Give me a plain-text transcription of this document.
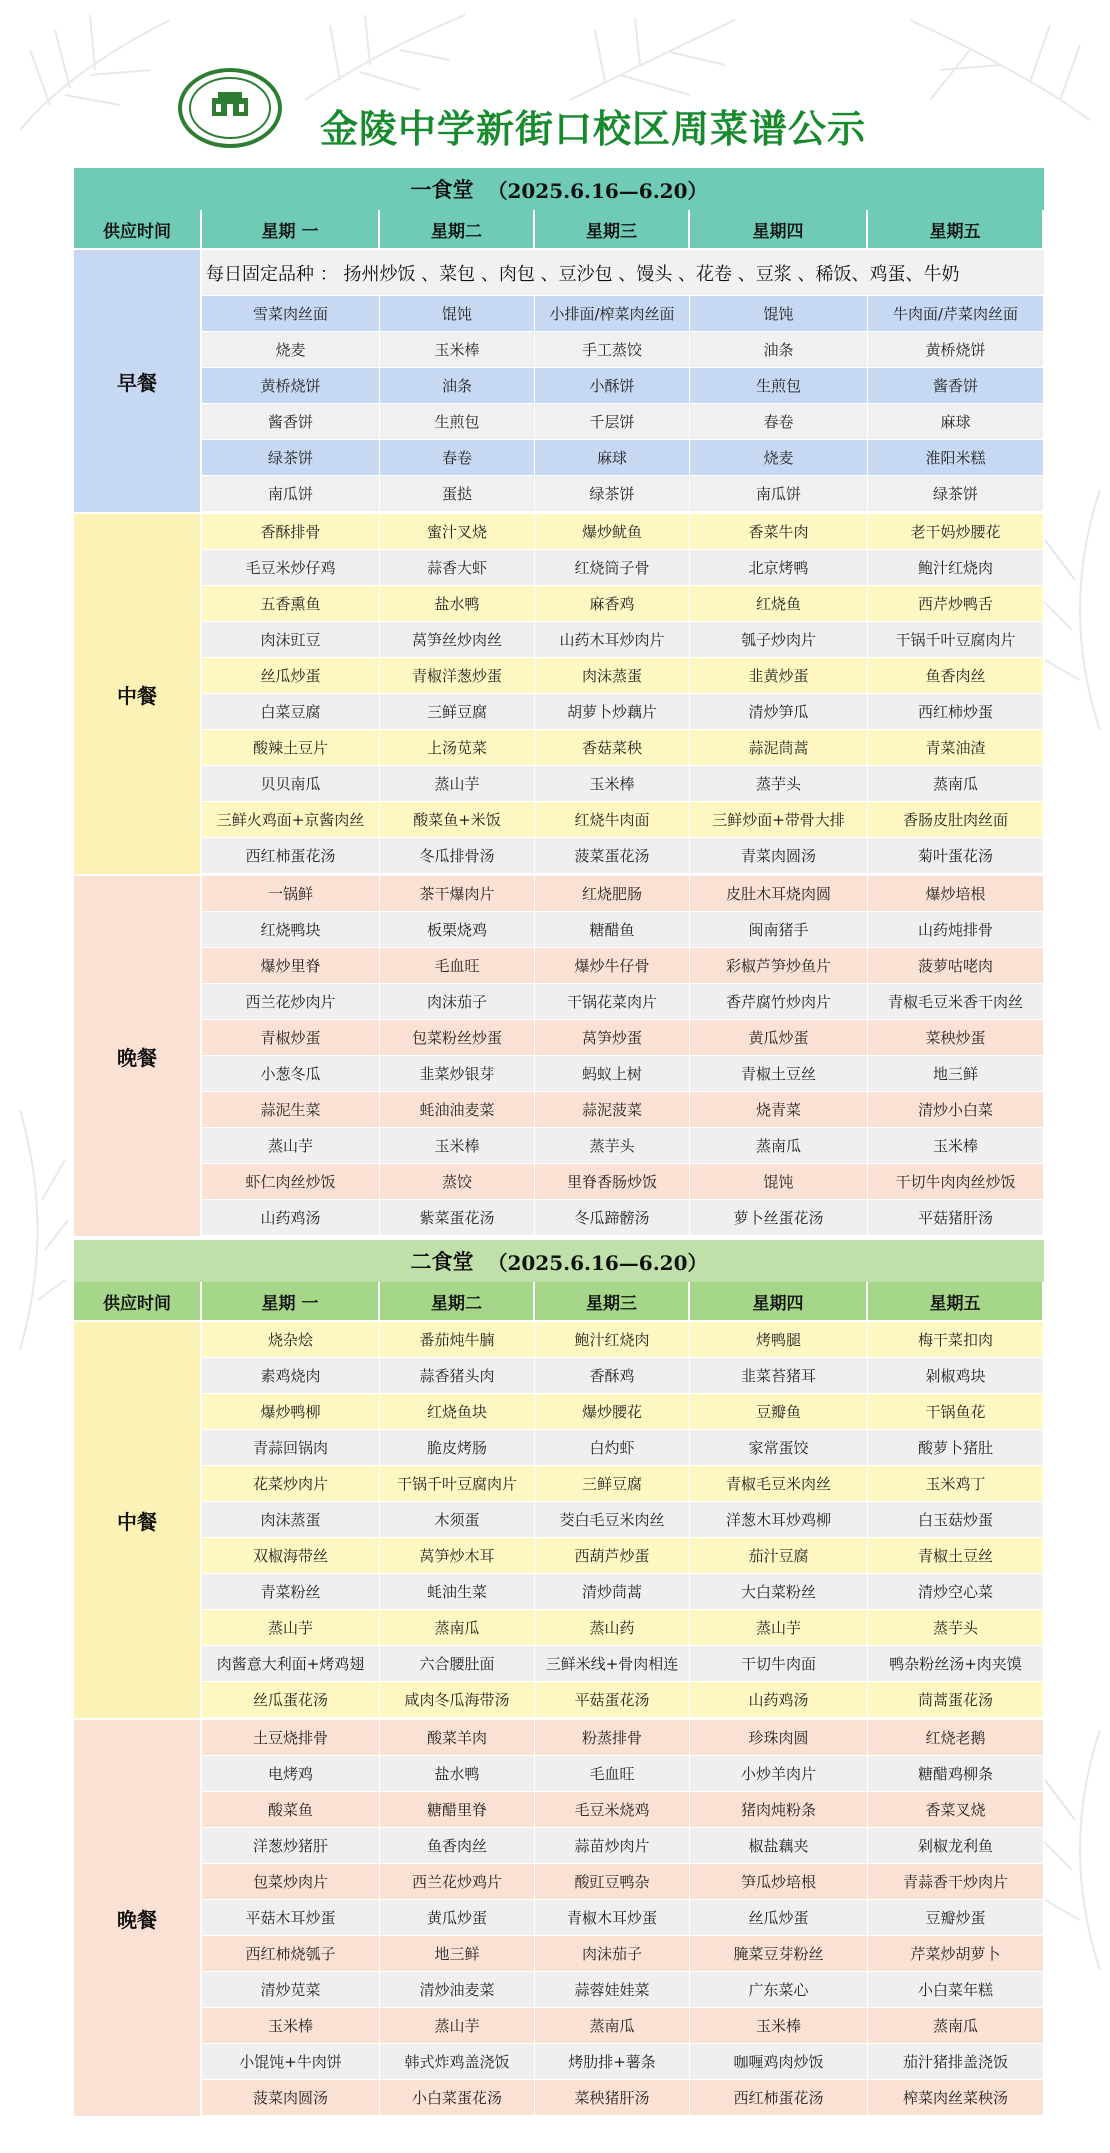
金陵中学新街口校区周菜谱公示
一食堂 （2025.6.16—6.20）
供应时间	星期 一	星期二	星期三	星期四	星期五
早餐
每日固定品种 ： 扬州炒饭 、菜包 、肉包 、豆沙包 、馒头 、花卷 、豆浆 、稀饭、鸡蛋、牛奶
雪菜肉丝面	馄饨	小排面/榨菜肉丝面	馄饨	牛肉面/芹菜肉丝面
烧麦	玉米棒	手工蒸饺	油条	黄桥烧饼
黄桥烧饼	油条	小酥饼	生煎包	酱香饼
酱香饼	生煎包	千层饼	春卷	麻球
绿茶饼	春卷	麻球	烧麦	淮阳米糕
南瓜饼	蛋挞	绿茶饼	南瓜饼	绿茶饼
中餐
香酥排骨	蜜汁叉烧	爆炒鱿鱼	香菜牛肉	老干妈炒腰花
毛豆米炒仔鸡	蒜香大虾	红烧筒子骨	北京烤鸭	鲍汁红烧肉
五香熏鱼	盐水鸭	麻香鸡	红烧鱼	西芹炒鸭舌
肉沫豇豆	莴笋丝炒肉丝	山药木耳炒肉片	瓠子炒肉片	干锅千叶豆腐肉片
丝瓜炒蛋	青椒洋葱炒蛋	肉沫蒸蛋	韭黄炒蛋	鱼香肉丝
白菜豆腐	三鲜豆腐	胡萝卜炒藕片	清炒笋瓜	西红柿炒蛋
酸辣土豆片	上汤苋菜	香菇菜秧	蒜泥茼蒿	青菜油渣
贝贝南瓜	蒸山芋	玉米棒	蒸芋头	蒸南瓜
三鲜火鸡面+京酱肉丝	酸菜鱼+米饭	红烧牛肉面	三鲜炒面+带骨大排	香肠皮肚肉丝面
西红柿蛋花汤	冬瓜排骨汤	菠菜蛋花汤	青菜肉圆汤	菊叶蛋花汤
晚餐
一锅鲜	茶干爆肉片	红烧肥肠	皮肚木耳烧肉圆	爆炒培根
红烧鸭块	板栗烧鸡	糖醋鱼	闽南猪手	山药炖排骨
爆炒里脊	毛血旺	爆炒牛仔骨	彩椒芦笋炒鱼片	菠萝咕咾肉
西兰花炒肉片	肉沫茄子	干锅花菜肉片	香芹腐竹炒肉片	青椒毛豆米香干肉丝
青椒炒蛋	包菜粉丝炒蛋	莴笋炒蛋	黄瓜炒蛋	菜秧炒蛋
小葱冬瓜	韭菜炒银芽	蚂蚁上树	青椒土豆丝	地三鲜
蒜泥生菜	蚝油油麦菜	蒜泥菠菜	烧青菜	清炒小白菜
蒸山芋	玉米棒	蒸芋头	蒸南瓜	玉米棒
虾仁肉丝炒饭	蒸饺	里脊香肠炒饭	馄饨	干切牛肉肉丝炒饭
山药鸡汤	紫菜蛋花汤	冬瓜蹄髈汤	萝卜丝蛋花汤	平菇猪肝汤
二食堂 （2025.6.16—6.20）
供应时间	星期 一	星期二	星期三	星期四	星期五
中餐
烧杂烩	番茄炖牛腩	鲍汁红烧肉	烤鸭腿	梅干菜扣肉
素鸡烧肉	蒜香猪头肉	香酥鸡	韭菜苔猪耳	剁椒鸡块
爆炒鸭柳	红烧鱼块	爆炒腰花	豆瓣鱼	干锅鱼花
青蒜回锅肉	脆皮烤肠	白灼虾	家常蛋饺	酸萝卜猪肚
花菜炒肉片	干锅千叶豆腐肉片	三鲜豆腐	青椒毛豆米肉丝	玉米鸡丁
肉沫蒸蛋	木须蛋	茭白毛豆米肉丝	洋葱木耳炒鸡柳	白玉菇炒蛋
双椒海带丝	莴笋炒木耳	西葫芦炒蛋	茄汁豆腐	青椒土豆丝
青菜粉丝	蚝油生菜	清炒茼蒿	大白菜粉丝	清炒空心菜
蒸山芋	蒸南瓜	蒸山药	蒸山芋	蒸芋头
肉酱意大利面+烤鸡翅	六合腰肚面	三鲜米线+骨肉相连	干切牛肉面	鸭杂粉丝汤+肉夹馍
丝瓜蛋花汤	咸肉冬瓜海带汤	平菇蛋花汤	山药鸡汤	茼蒿蛋花汤
晚餐
土豆烧排骨	酸菜羊肉	粉蒸排骨	珍珠肉圆	红烧老鹅
电烤鸡	盐水鸭	毛血旺	小炒羊肉片	糖醋鸡柳条
酸菜鱼	糖醋里脊	毛豆米烧鸡	猪肉炖粉条	香菜叉烧
洋葱炒猪肝	鱼香肉丝	蒜苗炒肉片	椒盐藕夹	剁椒龙利鱼
包菜炒肉片	西兰花炒鸡片	酸豇豆鸭杂	笋瓜炒培根	青蒜香干炒肉片
平菇木耳炒蛋	黄瓜炒蛋	青椒木耳炒蛋	丝瓜炒蛋	豆瓣炒蛋
西红柿烧瓠子	地三鲜	肉沫茄子	腌菜豆芽粉丝	芹菜炒胡萝卜
清炒苋菜	清炒油麦菜	蒜蓉娃娃菜	广东菜心	小白菜年糕
玉米棒	蒸山芋	蒸南瓜	玉米棒	蒸南瓜
小馄饨+牛肉饼	韩式炸鸡盖浇饭	烤肋排+薯条	咖喱鸡肉炒饭	茄汁猪排盖浇饭
菠菜肉圆汤	小白菜蛋花汤	菜秧猪肝汤	西红柿蛋花汤	榨菜肉丝菜秧汤
